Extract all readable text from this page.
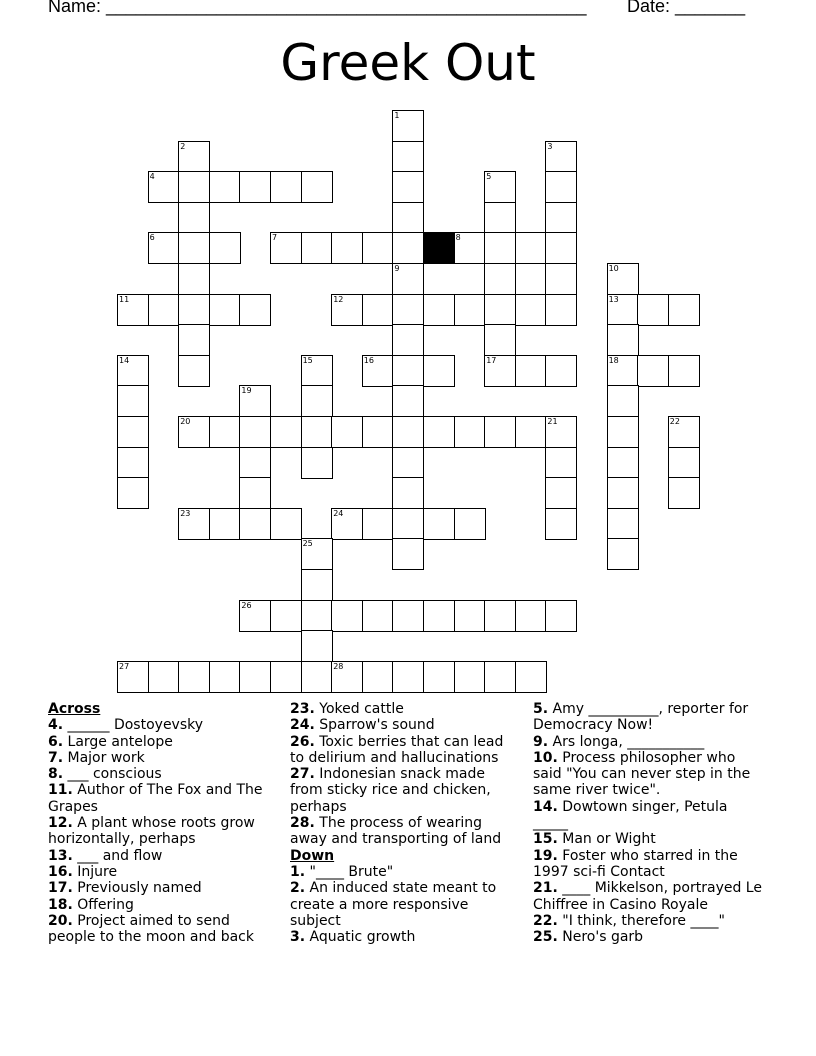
Name: ________________________________________________ Date: _______
Greek Out
1
2	3
4	5
6	7	8
9	10
11	12	13
14	15	16	17	18
19
20	21	22
23	24
25
26
27	28
Across
4. ______ Dostoyevsky
6. Large antelope
7. Major work
8. ___ conscious
11. Author of The Fox and The Grapes
12. A plant whose roots grow horizontally, perhaps
13. ___ and flow
16. Injure
17. Previously named
18. Offering
20. Project aimed to send people to the moon and back
23. Yoked cattle
24. Sparrow's sound
26. Toxic berries that can lead to delirium and hallucinations
27. Indonesian snack made from sticky rice and chicken, perhaps
28. The process of wearing away and transporting of land
Down
1. "____ Brute"
2. An induced state meant to create a more responsive subject
3. Aquatic growth
5. Amy __________, reporter for Democracy Now!
9. Ars longa, ___________
10. Process philosopher who said "You can never step in the same river twice".
14. Dowtown singer, Petula _____
15. Man or Wight
19. Foster who starred in the 1997 sci-fi Contact
21. ____ Mikkelson, portrayed Le Chiffree in Casino Royale
22. "I think, therefore ____"
25. Nero's garb
